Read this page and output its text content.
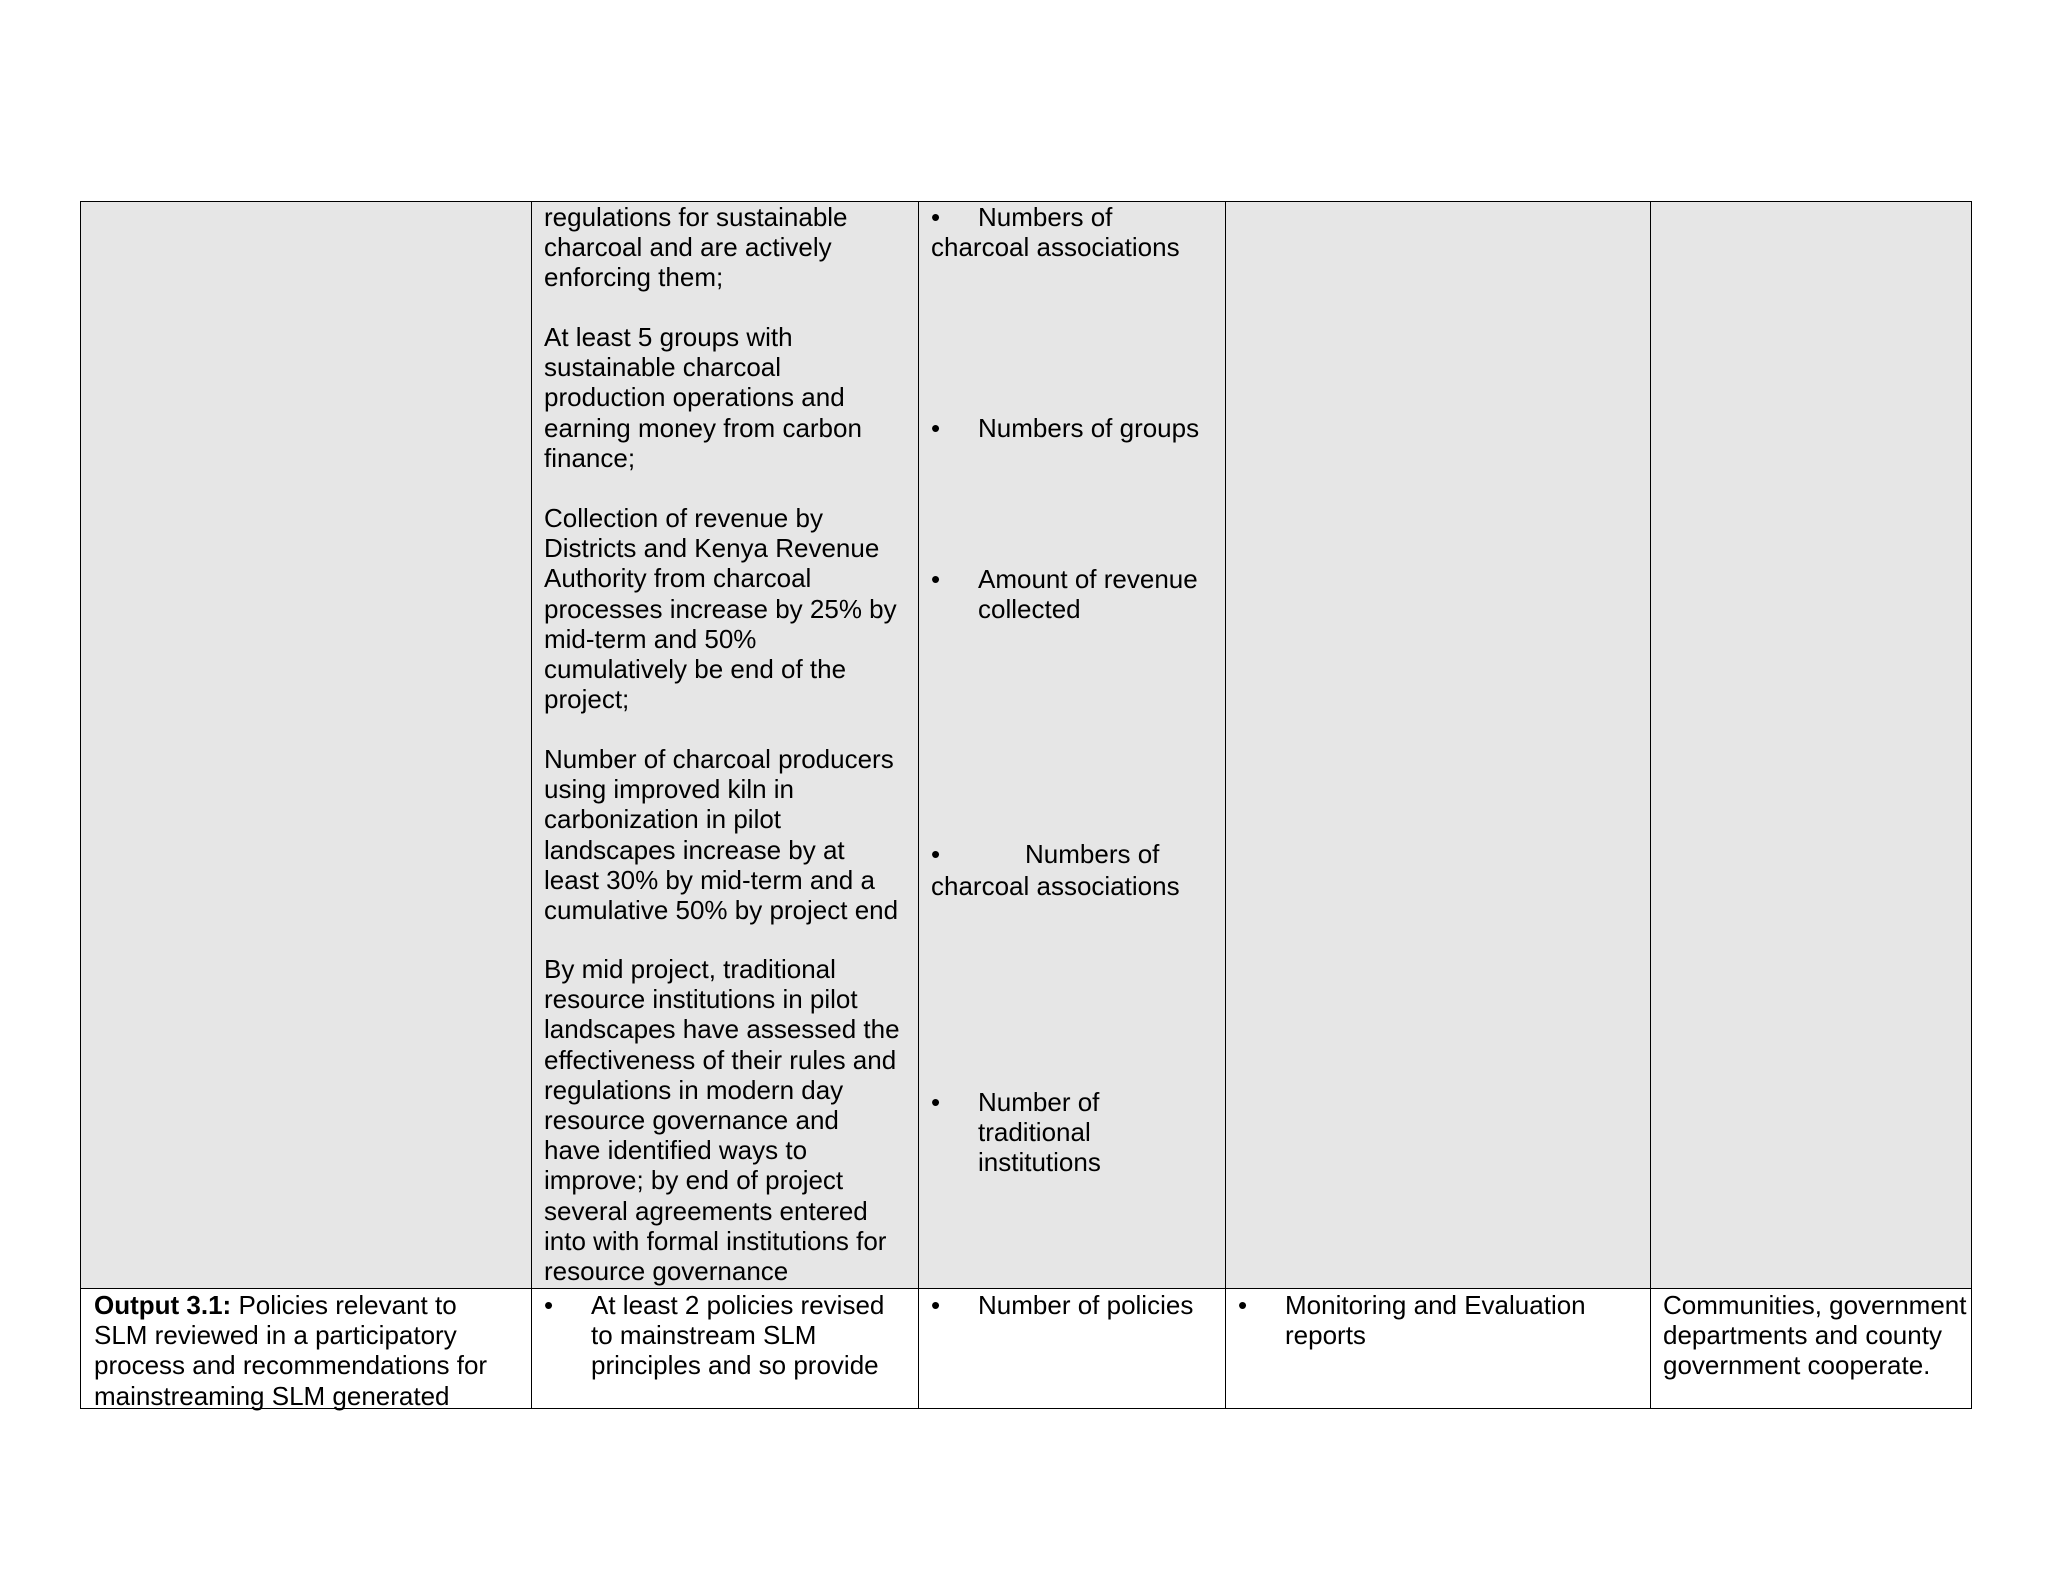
regulations for sustainable
charcoal and are actively
enforcing them;
At least 5 groups with
sustainable charcoal
production operations and
earning money from carbon
finance;
Collection of revenue by
Districts and Kenya Revenue
Authority from charcoal
processes increase by 25% by
mid-term and 50%
cumulatively be end of the
project;
Number of charcoal producers
using improved kiln in
carbonization in pilot
landscapes increase by at
least 30% by mid-term and a
cumulative 50% by project end
By mid project, traditional
resource institutions in pilot
landscapes have assessed the
effectiveness of their rules and
regulations in modern day
resource governance and
have identified ways to
improve; by end of project
several agreements entered
into with formal institutions for
resource governance
• Numbers of
charcoal associations
• Numbers of groups
• Amount of revenue
collected
•	Numbers of
charcoal associations
• Number of
traditional
institutions
Output 3.1: Policies relevant to
SLM reviewed in a participatory
process and recommendations for
mainstreaming SLM generated
• At least 2 policies revised
to mainstream SLM
principles and so provide
• Number of policies • Monitoring and Evaluation
reports
Communities, government
departments and county
government cooperate.
